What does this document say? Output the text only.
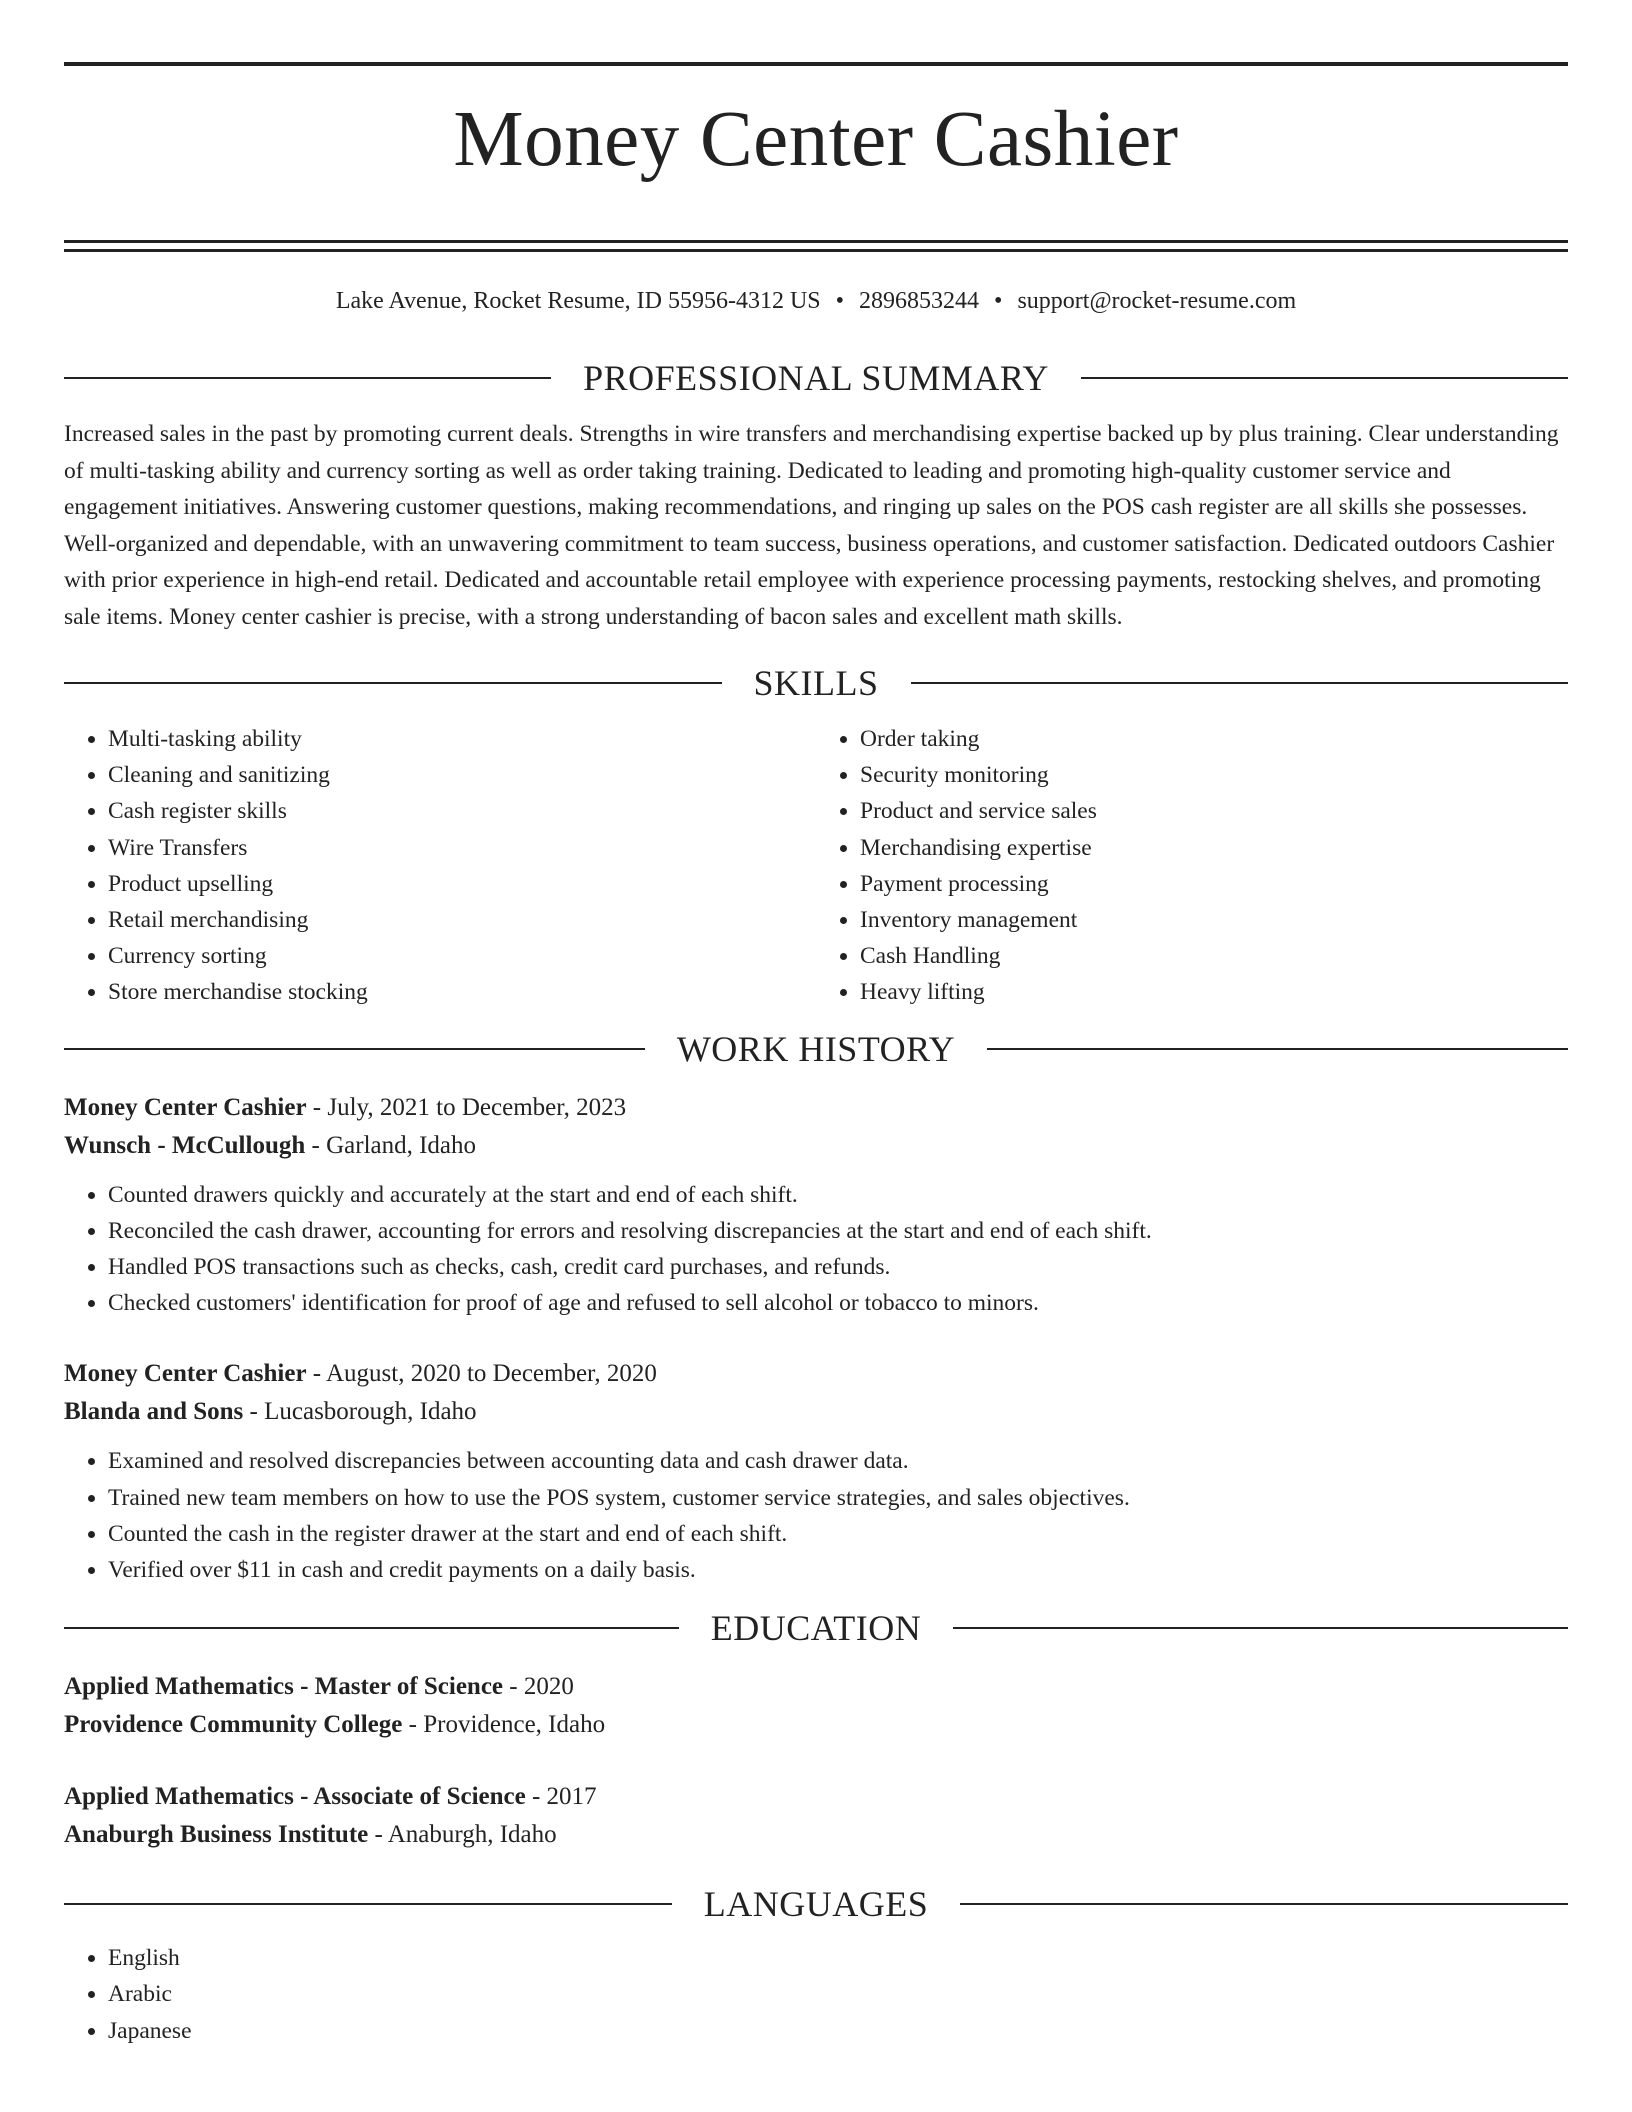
Money Center Cashier
Lake Avenue, Rocket Resume, ID 55956-4312 US • 2896853244 • support@rocket-resume.com
PROFESSIONAL SUMMARY

Increased sales in the past by promoting current deals. Strengths in wire transfers and merchandising expertise backed up by plus training. Clear understanding of multi-tasking ability and currency sorting as well as order taking training. Dedicated to leading and promoting high-quality customer service and engagement initiatives. Answering customer questions, making recommendations, and ringing up sales on the POS cash register are all skills she possesses. Well-organized and dependable, with an unwavering commitment to team success, business operations, and customer satisfaction. Dedicated outdoors Cashier with prior experience in high-end retail. Dedicated and accountable retail employee with experience processing payments, restocking shelves, and promoting sale items. Money center cashier is precise, with a strong understanding of bacon sales and excellent math skills.

SKILLS
• Multi-tasking ability
• Cleaning and sanitizing
• Cash register skills
• Wire Transfers
• Product upselling
• Retail merchandising
• Currency sorting
• Store merchandise stocking
• Order taking
• Security monitoring
• Product and service sales
• Merchandising expertise
• Payment processing
• Inventory management
• Cash Handling
• Heavy lifting
WORK HISTORY
Money Center Cashier - July, 2021 to December, 2023
Wunsch - McCullough - Garland, Idaho
• Counted drawers quickly and accurately at the start and end of each shift.
• Reconciled the cash drawer, accounting for errors and resolving discrepancies at the start and end of each shift.
• Handled POS transactions such as checks, cash, credit card purchases, and refunds.
• Checked customers' identification for proof of age and refused to sell alcohol or tobacco to minors.
Money Center Cashier - August, 2020 to December, 2020
Blanda and Sons - Lucasborough, Idaho
• Examined and resolved discrepancies between accounting data and cash drawer data.
• Trained new team members on how to use the POS system, customer service strategies, and sales objectives.
• Counted the cash in the register drawer at the start and end of each shift.
• Verified over $11 in cash and credit payments on a daily basis.
EDUCATION
Applied Mathematics - Master of Science - 2020
Providence Community College - Providence, Idaho
Applied Mathematics - Associate of Science - 2017
Anaburgh Business Institute - Anaburgh, Idaho
LANGUAGES
• English
• Arabic
• Japanese
